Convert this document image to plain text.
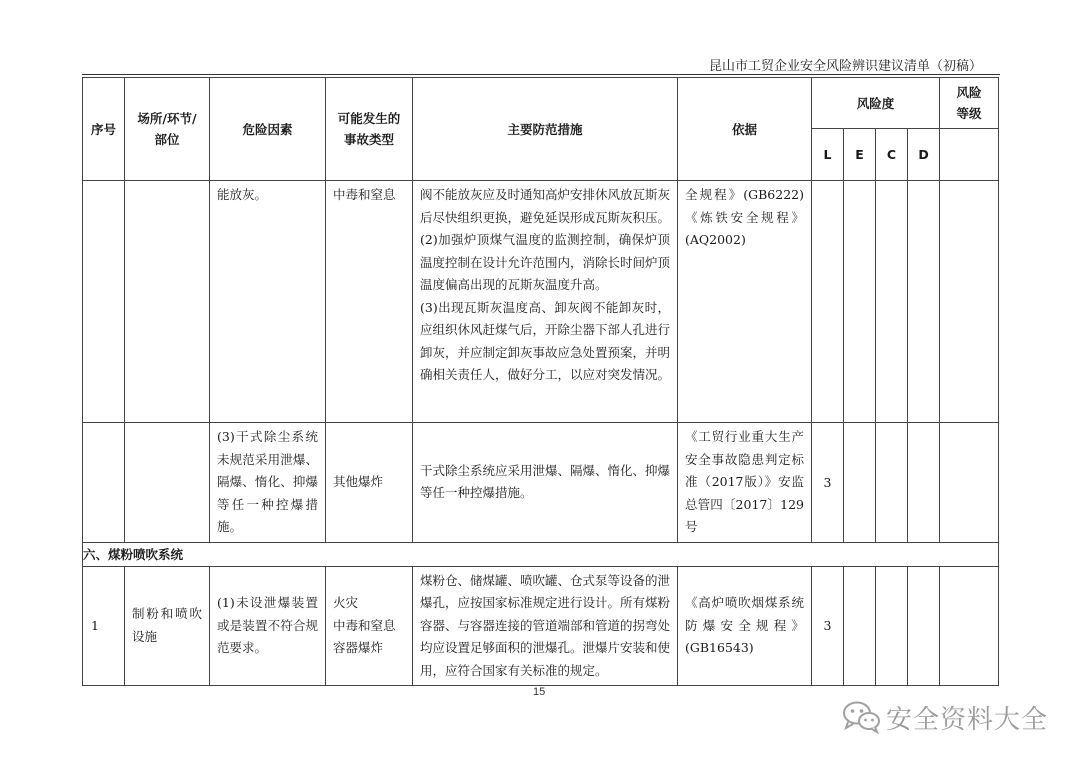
昆山市工贸企业安全风险辨识建议清单（初稿）
序号	场所/环节/部位	危险因素	可能发生的事故类型	主要防范措施	依据	风险度				风险等级

						L	E	C	D	

		能放灰。	中毒和窒息	阀不能放灰应及时通知高炉安排休风放瓦斯灰后尽快组织更换，避免延误形成瓦斯灰积压。
(2)加强炉顶煤气温度的监测控制，确保炉顶温度控制在设计允许范围内，消除长时间炉顶温度偏高出现的瓦斯灰温度升高。
(3)出现瓦斯灰温度高、卸灰阀不能卸灰时，应组织休风赶煤气后，开除尘器下部人孔进行卸灰，并应制定卸灰事故应急处置预案，并明确相关责任人，做好分工，以应对突发情况。	全规程》(GB6222)《炼铁安全规程》(AQ2002)					

		(3)干式除尘系统未规范采用泄爆、隔爆、惰化、抑爆等任一种控爆措施。	其他爆炸	干式除尘系统应采用泄爆、隔爆、惰化、抑爆等任一种控爆措施。	《工贸行业重大生产安全事故隐患判定标准（2017版）》安监总管四〔2017〕129号	3				
六、煤粉喷吹系统										
1	制粉和喷吹设施	(1)未设泄爆装置或是装置不符合规范要求。	火灾
中毒和窒息
容器爆炸	煤粉仓、储煤罐、喷吹罐、仓式泵等设备的泄爆孔，应按国家标准规定进行设计。所有煤粉容器、与容器连接的管道端部和管道的拐弯处均应设置足够面积的泄爆孔。泄爆片安装和使用，应符合国家有关标准的规定。	《高炉喷吹烟煤系统防爆安全规程》(GB16543)	3				
15
安全资料大全
